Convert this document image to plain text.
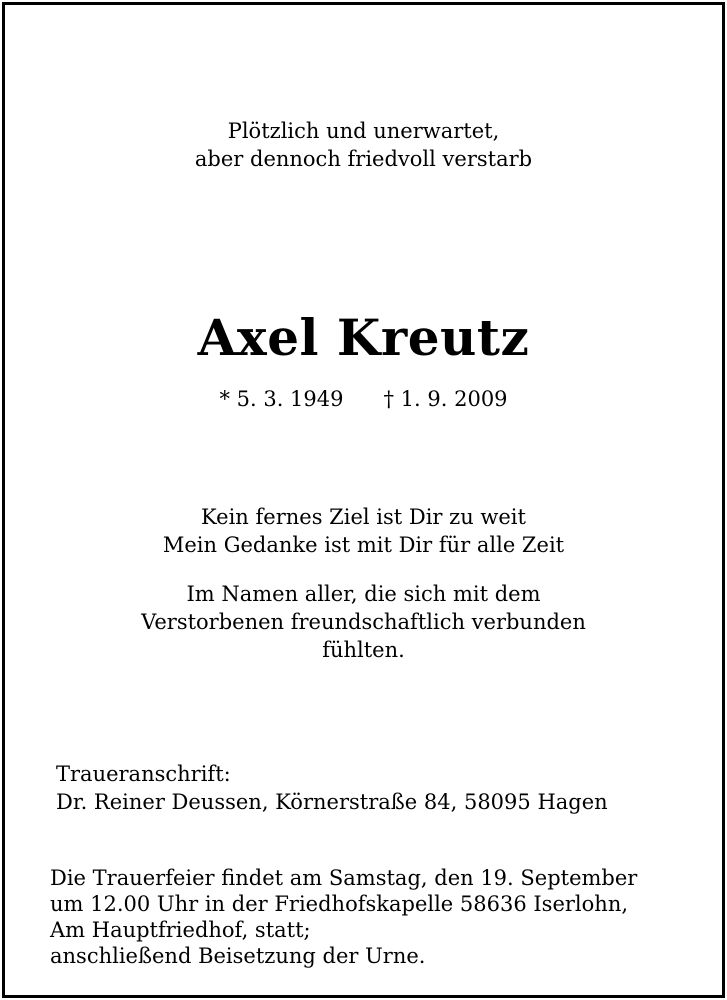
Plötzlich und unerwartet,
aber dennoch friedvoll verstarb
Axel Kreutz
* 5. 3. 1949 † 1. 9. 2009
Kein fernes Ziel ist Dir zu weit
Mein Gedanke ist mit Dir für alle Zeit
Im Namen aller, die sich mit dem
Verstorbenen freundschaftlich verbunden
fühlten.
Traueranschrift:
Dr. Reiner Deussen, Körnerstraße 84, 58095 Hagen
Die Trauerfeier findet am Samstag, den 19. September
um 12.00 Uhr in der Friedhofskapelle 58636 Iserlohn,
Am Hauptfriedhof, statt;
anschließend Beisetzung der Urne.
